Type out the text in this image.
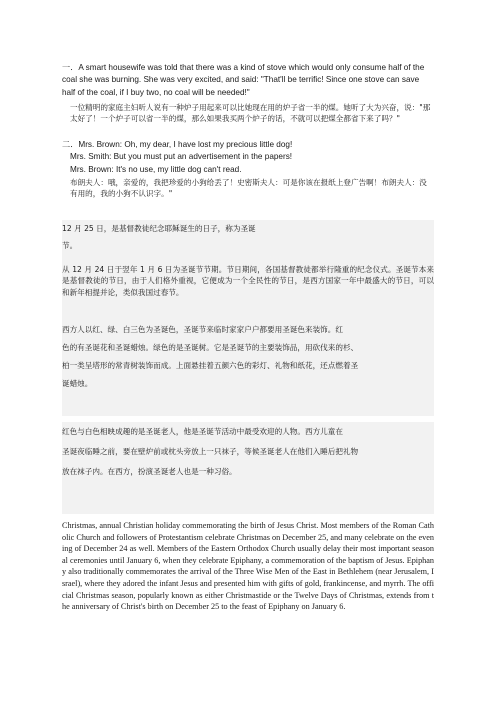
一．A smart housewife was told that there was a kind of stove which would only consume half of the coal she was burning. She was very excited, and said: "That'll be terrific! Since one stove can save half of the coal, if I buy two, no coal will be needed!"

一位精明的家庭主妇听人说有一种炉子用起来可以比她现在用的炉子省一半的煤。她听了大为兴奋，说："那太好了！一个炉子可以省一半的煤，那么如果我买两个炉子的话，不就可以把煤全都省下来了吗？"

二．Mrs. Brown: Oh, my dear, I have lost my precious little dog!

Mrs. Smith: But you must put an advertisement in the papers!

Mrs. Brown: It's no use, my little dog can't read.

布朗夫人：哦，亲爱的，我把珍爱的小狗给丢了！史密斯夫人：可是你该在报纸上登广告啊！布朗夫人：没有用的，我的小狗不认识字。"

12 月 25 日，是基督教徒纪念耶稣诞生的日子，称为圣诞

节。

从 12 月 24 日于翌年 1 月 6 日为圣诞节节期。节日期间，各国基督教徒都举行隆重的纪念仪式。圣诞节本来是基督教徒的节日，由于人们格外重视，它便成为一个全民性的节日，是西方国家一年中最盛大的节日，可以和新年相提并论，类似我国过春节。

西方人以红、绿、白三色为圣诞色，圣诞节来临时家家户户都要用圣诞色来装饰。红

色的有圣诞花和圣诞蜡烛。绿色的是圣诞树。它是圣诞节的主要装饰品，用砍伐来的杉、

柏一类呈塔形的常青树装饰而成。上面悬挂着五颜六色的彩灯、礼物和纸花，还点燃着圣

诞蜡烛。

红色与白色相映成趣的是圣诞老人，他是圣诞节活动中最受欢迎的人物。西方儿童在

圣诞夜临睡之前，要在壁炉前或枕头旁放上一只袜子，等候圣诞老人在他们入睡后把礼物

放在袜子内。在西方，扮演圣诞老人也是一种习俗。

Christmas, annual Christian holiday commemorating the birth of Jesus Christ. Most members of the Roman Catholic Church and followers of Protestantism celebrate Christmas on December 25, and many celebrate on the evening of December 24 as well. Members of the Eastern Orthodox Church usually delay their most important seasonal ceremonies until January 6, when they celebrate Epiphany, a commemoration of the baptism of Jesus. Epiphany also traditionally commemorates the arrival of the Three Wise Men of the East in Bethlehem (near Jerusalem, Israel), where they adored the infant Jesus and presented him with gifts of gold, frankincense, and myrrh. The official Christmas season, popularly known as either Christmastide or the Twelve Days of Christmas, extends from the anniversary of Christ's birth on December 25 to the feast of Epiphany on January 6.
